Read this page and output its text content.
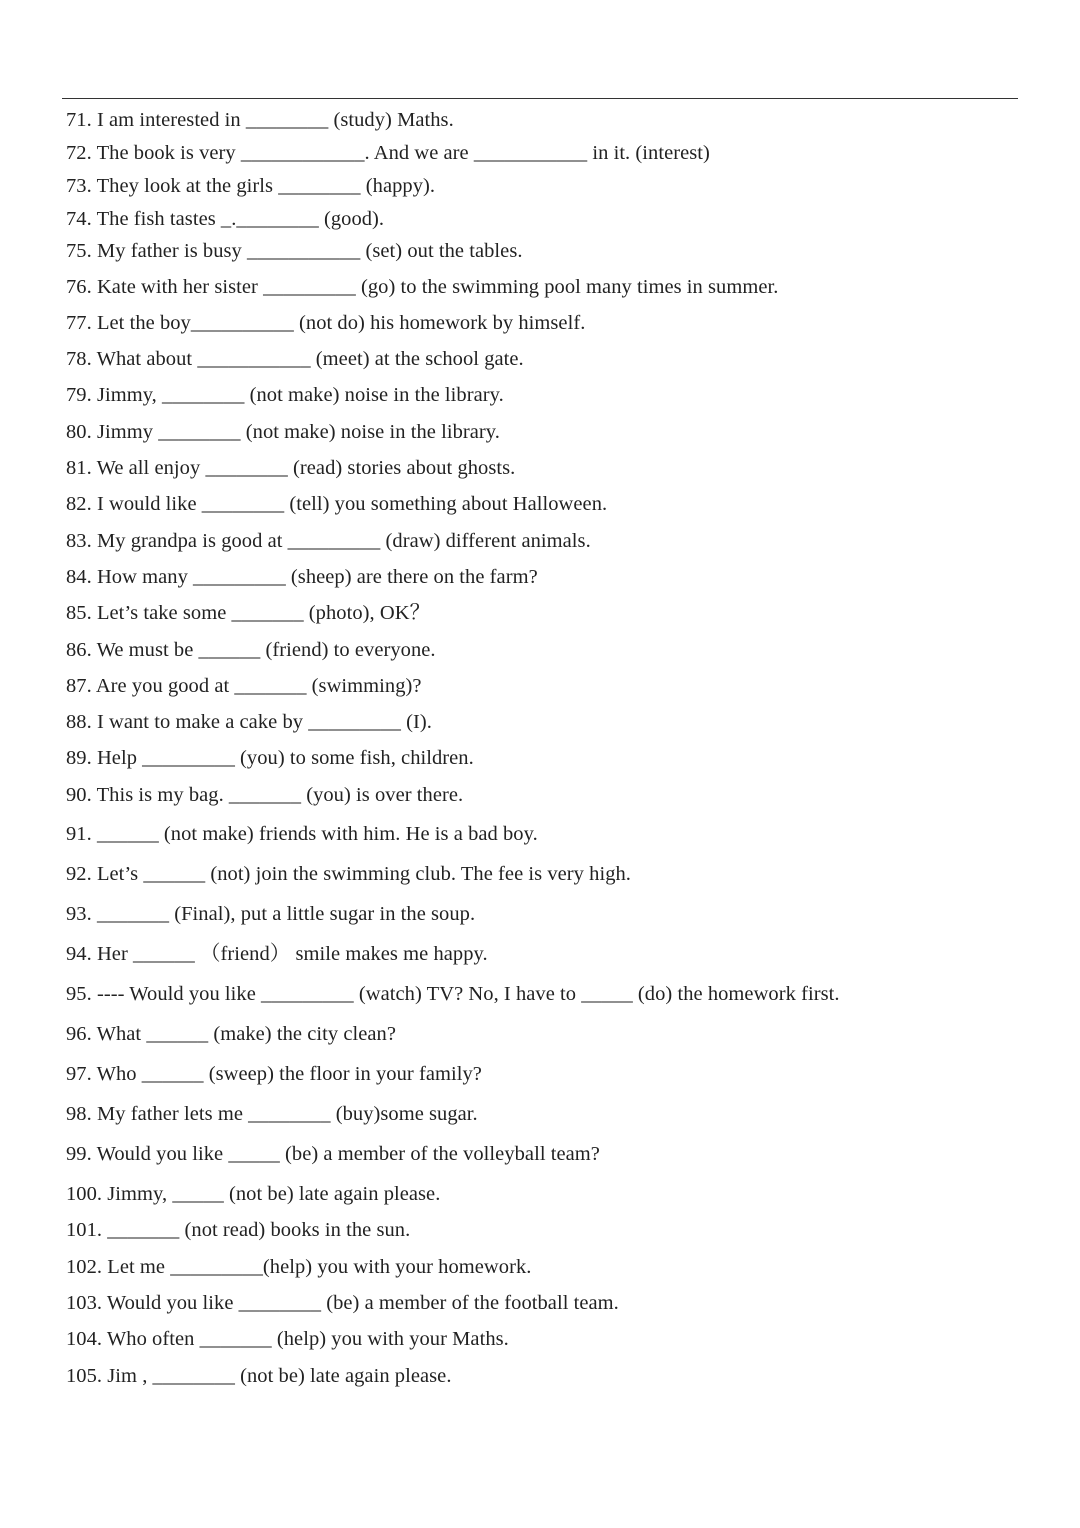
71. I am interested in ________ (study) Maths.
72. The book is very ____________. And we are ___________ in it. (interest)
73. They look at the girls ________ (happy).
74. The fish tastes _.________ (good).
75. My father is busy ___________ (set) out the tables.
76. Kate with her sister _________ (go) to the swimming pool many times in summer.
77. Let the boy__________ (not do) his homework by himself.
78. What about ___________ (meet) at the school gate.
79. Jimmy, ________ (not make) noise in the library.
80. Jimmy ________ (not make) noise in the library.
81. We all enjoy ________ (read) stories about ghosts.
82. I would like ________ (tell) you something about Halloween.
83. My grandpa is good at _________ (draw) different animals.
84. How many _________ (sheep) are there on the farm?
85. Let’s take some _______ (photo), OK？
86. We must be ______ (friend) to everyone.
87. Are you good at _______ (swimming)?
88. I want to make a cake by _________ (I).
89. Help _________ (you) to some fish, children.
90. This is my bag. _______ (you) is over there.
91. ______ (not make) friends with him. He is a bad boy.
92. Let’s ______ (not) join the swimming club. The fee is very high.
93. _______ (Final), put a little sugar in the soup.
94. Her ______ （friend） smile makes me happy.
95. ---- Would you like _________ (watch) TV? No, I have to _____ (do) the homework first.
96. What ______ (make) the city clean?
97. Who ______ (sweep) the floor in your family?
98. My father lets me ________ (buy)some sugar.
99. Would you like _____ (be) a member of the volleyball team?
100. Jimmy, _____ (not be) late again please.
101. _______ (not read) books in the sun.
102. Let me _________(help) you with your homework.
103. Would you like ________ (be) a member of the football team.
104. Who often _______ (help) you with your Maths.
105. Jim , ________ (not be) late again please.
